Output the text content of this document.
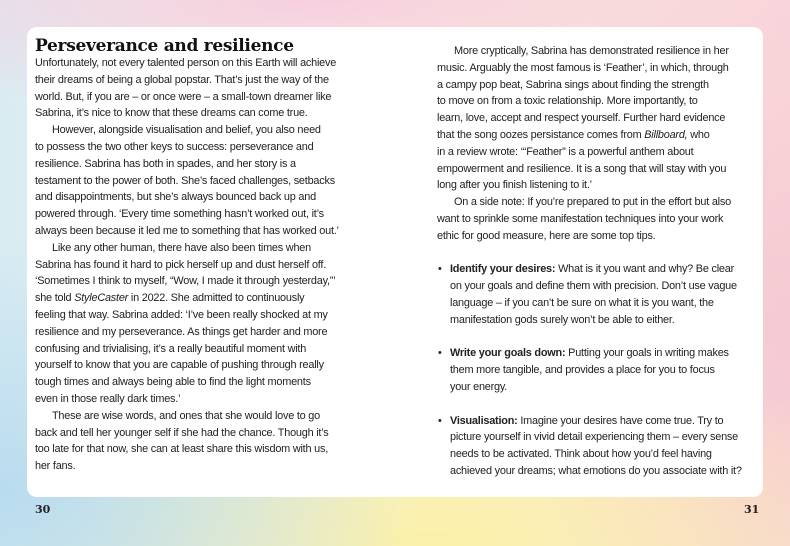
Perseverance and resilience
Unfortunately, not every talented person on this Earth will achieve
their dreams of being a global popstar. That’s just the way of the
world. But, if you are – or once were – a small-town dreamer like
Sabrina, it’s nice to know that these dreams can come true.
However, alongside visualisation and belief, you also need
to possess the two other keys to success: perseverance and
resilience. Sabrina has both in spades, and her story is a
testament to the power of both. She’s faced challenges, setbacks
and disappointments, but she’s always bounced back up and
powered through. ‘Every time something hasn’t worked out, it’s
always been because it led me to something that has worked out.’
Like any other human, there have also been times when
Sabrina has found it hard to pick herself up and dust herself off.
‘Sometimes I think to myself, “Wow, I made it through yesterday,”’
she told StyleCaster in 2022. She admitted to continuously
feeling that way. Sabrina added: ‘I’ve been really shocked at my
resilience and my perseverance. As things get harder and more
confusing and trivialising, it’s a really beautiful moment with
yourself to know that you are capable of pushing through really
tough times and always being able to find the light moments
even in those really dark times.’
These are wise words, and ones that she would love to go
back and tell her younger self if she had the chance. Though it’s
too late for that now, she can at least share this wisdom with us,
her fans.
More cryptically, Sabrina has demonstrated resilience in her
music. Arguably the most famous is ‘Feather’, in which, through
a campy pop beat, Sabrina sings about finding the strength
to move on from a toxic relationship. More importantly, to
learn, love, accept and respect yourself. Further hard evidence
that the song oozes persistance comes from Billboard, who
in a review wrote: ‘“Feather” is a powerful anthem about
empowerment and resilience. It is a song that will stay with you
long after you finish listening to it.’
On a side note: If you’re prepared to put in the effort but also
want to sprinkle some manifestation techniques into your work
ethic for good measure, here are some top tips.
• Identify your desires: What is it you want and why? Be clear
on your goals and define them with precision. Don’t use vague
language – if you can’t be sure on what it is you want, the
manifestation gods surely won’t be able to either.
• Write your goals down: Putting your goals in writing makes
them more tangible, and provides a place for you to focus
your energy.
• Visualisation: Imagine your desires have come true. Try to
picture yourself in vivid detail experiencing them – every sense
needs to be activated. Think about how you’d feel having
achieved your dreams; what emotions do you associate with it?
30	31
